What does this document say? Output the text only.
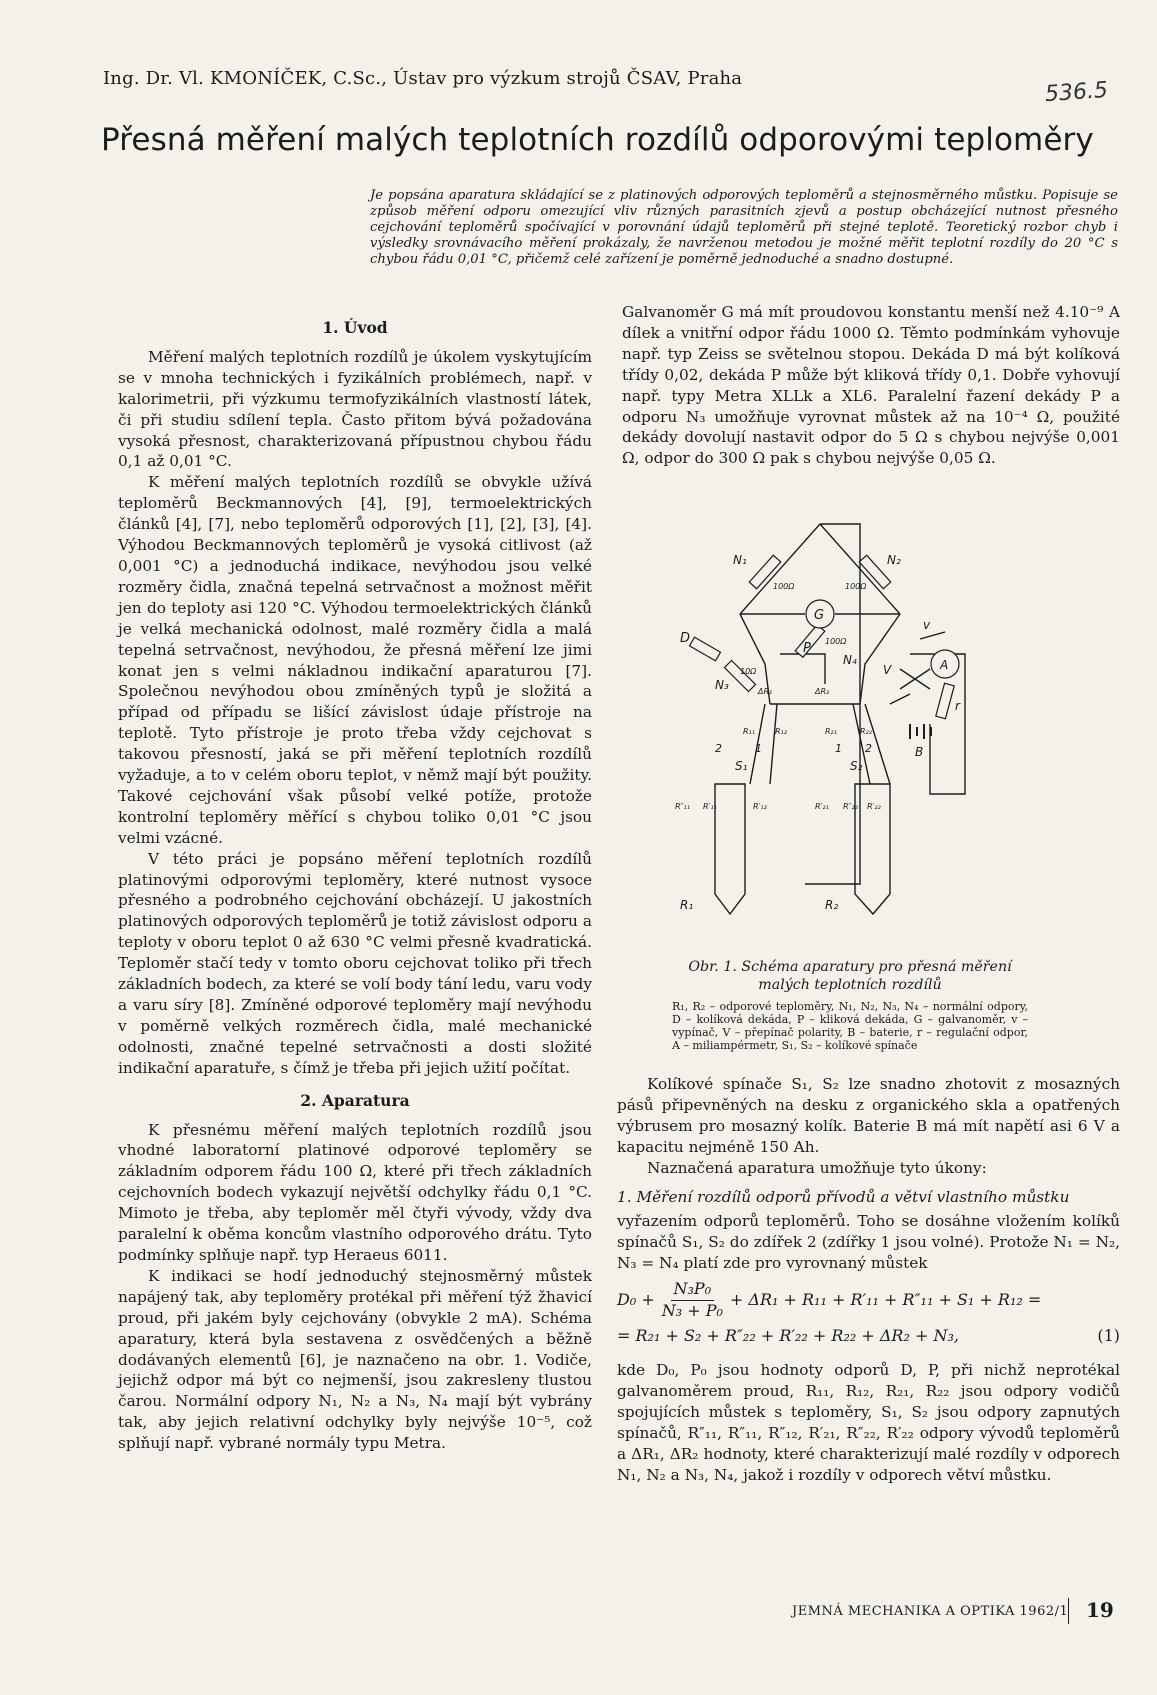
Ing. Dr. Vl. KMONÍČEK, C.Sc., Ústav pro výzkum strojů ČSAV, Praha	536.5
Přesná měření malých teplotních rozdílů odporovými teploměry

Je popsána aparatura skládající se z platinových odporových teploměrů a stejnosměrného můstku. Popisuje se způsob měření odporu omezující vliv různých parasitních zjevů a postup obcházející nutnost přesného cejchování teploměrů spočívající v porovnání údajů teploměrů při stejné teplotě. Teoretický rozbor chyb i výsledky srovnávacího měření prokázaly, že navrženou metodou je možné měřit teplotní rozdíly do 20 °C s chybou řádu 0,01 °C, přičemž celé zařízení je poměrně jednoduché a snadno dostupné.

1. Úvod

Měření malých teplotních rozdílů je úkolem vyskytujícím se v mnoha technických i fyzikálních problémech, např. v kalorimetrii, při výzkumu termofyzikálních vlastností látek, či při studiu sdílení tepla. Často přitom bývá požadována vysoká přesnost, charakterizovaná přípustnou chybou řádu 0,1 až 0,01 °C.

K měření malých teplotních rozdílů se obvykle užívá teploměrů Beckmannových [4], [9], termoelektrických článků [4], [7], nebo teploměrů odporových [1], [2], [3], [4]. Výhodou Beckmannových teploměrů je vysoká citlivost (až 0,001 °C) a jednoduchá indikace, nevýhodou jsou velké rozměry čidla, značná tepelná setrvačnost a možnost měřit jen do teploty asi 120 °C. Výhodou termoelektrických článků je velká mechanická odolnost, malé rozměry čidla a malá tepelná setrvačnost, nevýhodou, že přesná měření lze jimi konat jen s velmi nákladnou indikační aparaturou [7]. Společnou nevýhodou obou zmíněných typů je složitá a případ od případu se lišící závislost údaje přístroje na teplotě. Tyto přístroje je proto třeba vždy cejchovat s takovou přesností, jaká se při měření teplotních rozdílů vyžaduje, a to v celém oboru teplot, v němž mají být použity. Takové cejchování však působí velké potíže, protože kontrolní teploměry měřící s chybou toliko 0,01 °C jsou velmi vzácné.

V této práci je popsáno měření teplotních rozdílů platinovými odporovými teploměry, které nutnost vysoce přesného a podrobného cejchování obcházejí. U jakostních platinových odporových teploměrů je totiž závislost odporu a teploty v oboru teplot 0 až 630 °C velmi přesně kvadratická. Teploměr stačí tedy v tomto oboru cejchovat toliko při třech základních bodech, za které se volí body tání ledu, varu vody a varu síry [8]. Zmíněné odporové teploměry mají nevýhodu v poměrně velkých rozměrech čidla, malé mechanické odolnosti, značné tepelné setrvačnosti a dosti složité indikační aparatuře, s čímž je třeba při jejich užití počítat.

2. Aparatura

K přesnému měření malých teplotních rozdílů jsou vhodné laboratorní platinové odporové teploměry se základním odporem řádu 100 Ω, které při třech základních cejchovních bodech vykazují největší odchylky řádu 0,1 °C. Mimoto je třeba, aby teploměr měl čtyři vývody, vždy dva paralelní k oběma koncům vlastního odporového drátu. Tyto podmínky splňuje např. typ Heraeus 6011.

K indikaci se hodí jednoduchý stejnosměrný můstek napájený tak, aby teploměry protékal při měření týž žhavicí proud, při jakém byly cejchovány (obvykle 2 mA). Schéma aparatury, která byla sestavena z osvědčených a běžně dodávaných elementů [6], je naznačeno na obr. 1. Vodiče, jejichž odpor má být co nejmenší, jsou zakresleny tlustou čarou. Normální odpory N₁, N₂ a N₃, N₄ mají být vybrány tak, aby jejich relativní odchylky byly nejvýše 10⁻⁵, což splňují např. vybrané normály typu Metra.

Galvanoměr G má mít proudovou konstantu menší než 4.10⁻⁹ A dílek a vnitřní odpor řádu 1000 Ω. Těmto podmínkám vyhovuje např. typ Zeiss se světelnou stopou. Dekáda D má být kolíková třídy 0,02, dekáda P může být kliková třídy 0,1. Dobře vyhovují např. typy Metra XLLk a XL6. Paralelní řazení dekády P a odporu N₃ umožňuje vyrovnat můstek až na 10⁻⁴ Ω, použité dekády dovolují nastavit odpor do 5 Ω s chybou nejvýše 0,001 Ω, odpor do 300 Ω pak s chybou nejvýše 0,05 Ω.

N₁
100Ω
N₂
100Ω
G
D
P
10Ω
N₃
100Ω
N₄
v
A
V
r
B
ΔR₁	ΔR₂
R₁₁	R₁₂	R₂₁	R₂₂
2	1	1 2
S₁	S₂
R″₁₁ R′₁₁	R′₁₂	R′₂₁ R″₂₂ R′₂₂
R₁	R₂

Obr. 1. Schéma aparatury pro přesná měření malých teplotních rozdílů

R₁, R₂ – odporové teploměry, N₁, N₂, N₃, N₄ – normální odpory, D – kolíková dekáda, P – kliková dekáda, G – galvanoměr, v – vypínač, V – přepínač polarity, B – baterie, r – regulační odpor, A – miliampérmetr, S₁, S₂ – kolíkové spínače

Kolíkové spínače S₁, S₂ lze snadno zhotovit z mosazných pásů připevněných na desku z organického skla a opatřených výbrusem pro mosazný kolík. Baterie B má mít napětí asi 6 V a kapacitu nejméně 150 Ah.

Naznačená aparatura umožňuje tyto úkony:

1. Měření rozdílů odporů přívodů a větví vlastního můstku

vyřazením odporů teploměrů. Toho se dosáhne vložením kolíků spínačů S₁, S₂ do zdířek 2 (zdířky 1 jsou volné). Protože N₁ = N₂, N₃ = N₄ platí zde pro vyrovnaný můstek

$D_0 + \frac{\text{N₃P₀}}{\text{N₃ + P₀}} + \Delta R_1 + R_{11} + R'_{11} + R''_{11} + S_1 + R_{12}$ =
= R₂₁ + S₂ + R″₂₂ + R′₂₂ + R₂₂ + ΔR₂ + N₃,	(1)

kde D₀, P₀ jsou hodnoty odporů D, P, při nichž neprotékal galvanoměrem proud, R₁₁, R₁₂, R₂₁, R₂₂ jsou odpory vodičů spojujících můstek s teploměry, S₁, S₂ jsou odpory zapnutých spínačů, R″₁₁, R″₁₁, R″₁₂, R′₂₁, R″₂₂, R′₂₂ odpory vývodů teploměrů a ΔR₁, ΔR₂ hodnoty, které charakterizují malé rozdíly v odporech N₁, N₂ a N₃, N₄, jakož i rozdíly v odporech větví můstku.

JEMNÁ MECHANIKA A OPTIKA 1962/1 19
